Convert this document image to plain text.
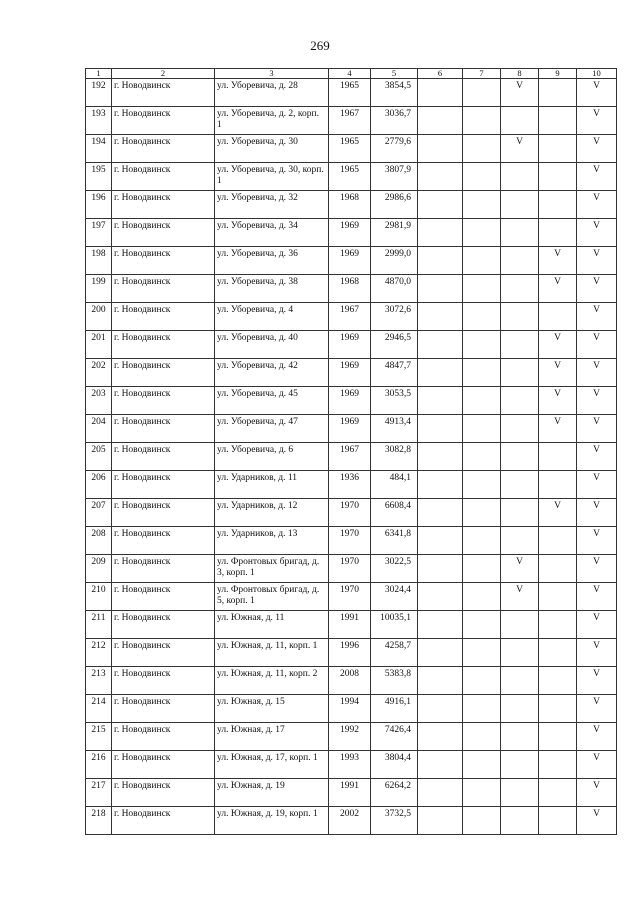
269
1	2	3	4	5	6	7	8	9	10
192	г. Новодвинск	ул. Уборевича, д. 28	1965	3854,5			V		V
193	г. Новодвинск	ул. Уборевича, д. 2, корп. 1	1967	3036,7					V
194	г. Новодвинск	ул. Уборевича, д. 30	1965	2779,6			V		V
195	г. Новодвинск	ул. Уборевича, д. 30, корп. 1	1965	3807,9					V
196	г. Новодвинск	ул. Уборевича, д. 32	1968	2986,6					V
197	г. Новодвинск	ул. Уборевича, д. 34	1969	2981,9					V
198	г. Новодвинск	ул. Уборевича, д. 36	1969	2999,0				V	V
199	г. Новодвинск	ул. Уборевича, д. 38	1968	4870,0				V	V
200	г. Новодвинск	ул. Уборевича, д. 4	1967	3072,6					V
201	г. Новодвинск	ул. Уборевича, д. 40	1969	2946,5				V	V
202	г. Новодвинск	ул. Уборевича, д. 42	1969	4847,7				V	V
203	г. Новодвинск	ул. Уборевича, д. 45	1969	3053,5				V	V
204	г. Новодвинск	ул. Уборевича, д. 47	1969	4913,4				V	V
205	г. Новодвинск	ул. Уборевича, д. 6	1967	3082,8					V
206	г. Новодвинск	ул. Ударников, д. 11	1936	484,1					V
207	г. Новодвинск	ул. Ударников, д. 12	1970	6608,4				V	V
208	г. Новодвинск	ул. Ударников, д. 13	1970	6341,8					V
209	г. Новодвинск	ул. Фронтовых бригад, д. 3, корп. 1	1970	3022,5			V		V
210	г. Новодвинск	ул. Фронтовых бригад, д. 5, корп. 1	1970	3024,4			V		V
211	г. Новодвинск	ул. Южная, д. 11	1991	10035,1					V
212	г. Новодвинск	ул. Южная, д. 11, корп. 1	1996	4258,7					V
213	г. Новодвинск	ул. Южная, д. 11, корп. 2	2008	5383,8					V
214	г. Новодвинск	ул. Южная, д. 15	1994	4916,1					V
215	г. Новодвинск	ул. Южная, д. 17	1992	7426,4					V
216	г. Новодвинск	ул. Южная, д. 17, корп. 1	1993	3804,4					V
217	г. Новодвинск	ул. Южная, д. 19	1991	6264,2					V
218	г. Новодвинск	ул. Южная, д. 19, корп. 1	2002	3732,5					V
